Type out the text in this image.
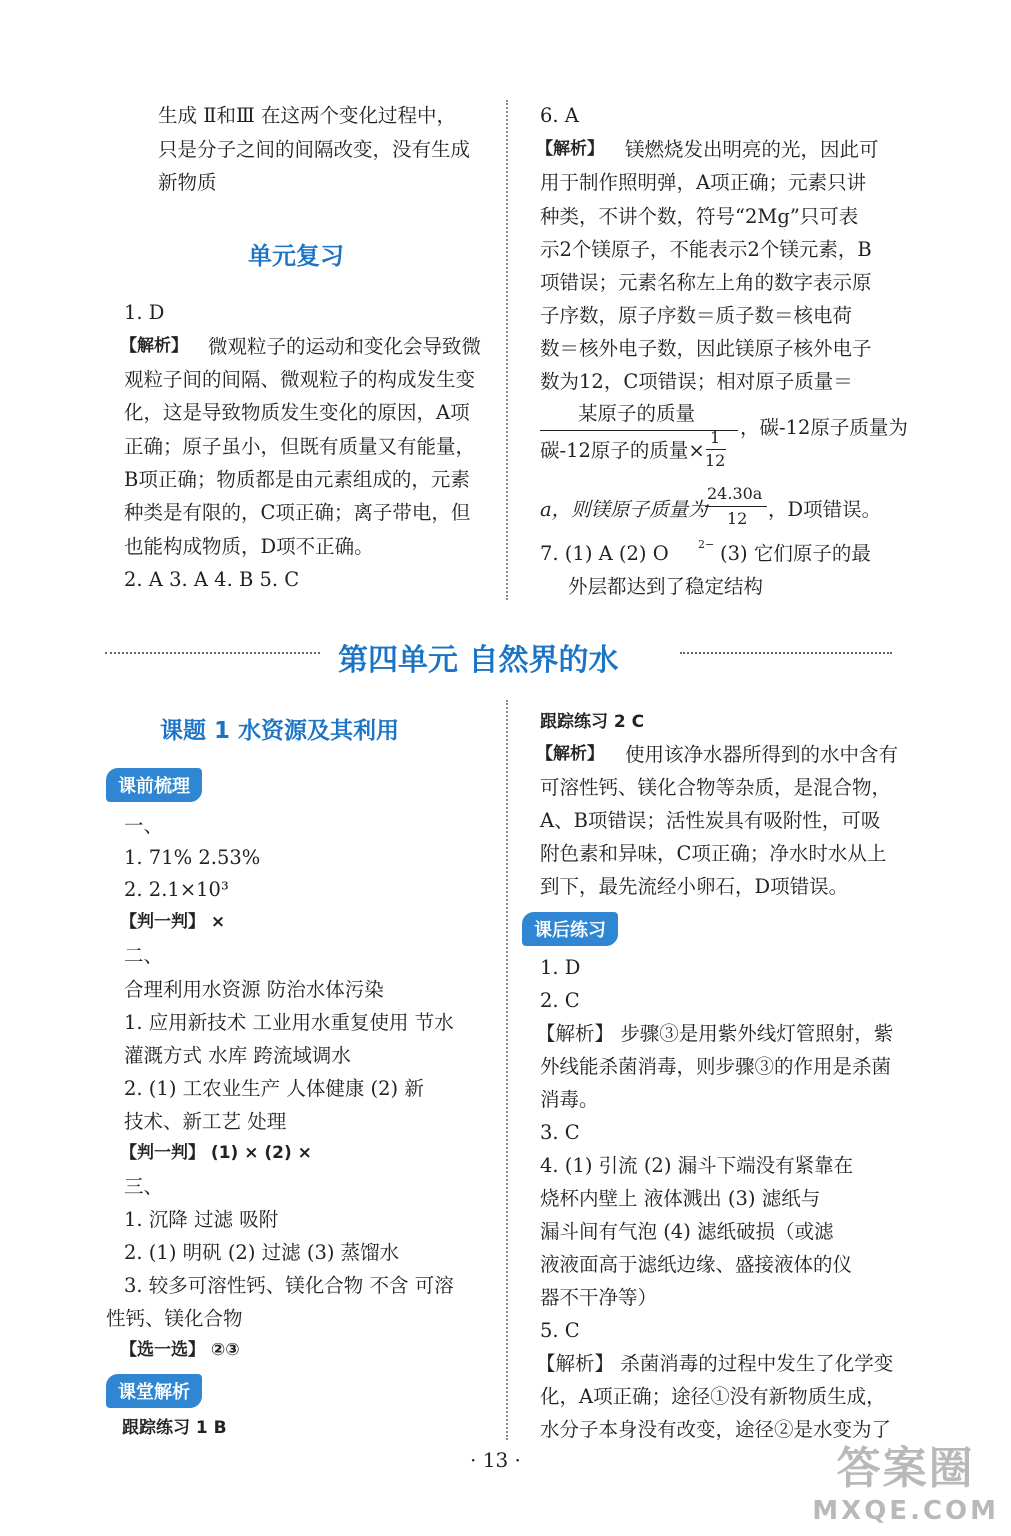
生成 Ⅱ和Ⅲ 在这两个变化过程中，
只是分子之间的间隔改变，没有生成
新物质
单元复习
1. D
【解析】 微观粒子的运动和变化会导致微
观粒子间的间隔、微观粒子的构成发生变
化，这是导致物质发生变化的原因，A项
正确；原子虽小，但既有质量又有能量，
B项正确；物质都是由元素组成的，元素
种类是有限的，C项正确；离子带电，但
也能构成物质，D项不正确。
2. A 3. A 4. B 5. C
6. A
【解析】 镁燃烧发出明亮的光，因此可
用于制作照明弹，A项正确；元素只讲
种类，不讲个数，符号“2Mg”只可表
示2个镁原子，不能表示2个镁元素，B
项错误；元素名称左上角的数字表示原
子序数，原子序数＝质子数＝核电荷
数＝核外电子数，因此镁原子核外电子
数为12，C项错误；相对原子质量＝
某原子的质量
碳-12原子的质量×
1
12
，碳-12原子质量为
a，则镁原子质量为
24.30a
12 ，D项错误。
7. (1) A (2) O	2− (3) 它们原子的最
外层都达到了稳定结构
第四单元 自然界的水
课题 1 水资源及其利用
课前梳理
一、
1. 71% 2.53%
2. 2.1×10³
【判一判】 ×
二、
合理利用水资源 防治水体污染
1. 应用新技术 工业用水重复使用 节水
灌溉方式 水库 跨流域调水
2. (1) 工农业生产 人体健康 (2) 新
技术、新工艺 处理
【判一判】 (1) × (2) ×
三、
1. 沉降 过滤 吸附
2. (1) 明矾 (2) 过滤 (3) 蒸馏水
3. 较多可溶性钙、镁化合物 不含 可溶
性钙、镁化合物
【选一选】 ②③
课堂解析
跟踪练习 1 B
跟踪练习 2 C
【解析】 使用该净水器所得到的水中含有
可溶性钙、镁化合物等杂质，是混合物，
A、B项错误；活性炭具有吸附性，可吸
附色素和异味，C项正确；净水时水从上
到下，最先流经小卵石，D项错误。
课后练习
1. D
2. C
【解析】 步骤③是用紫外线灯管照射，紫
外线能杀菌消毒，则步骤③的作用是杀菌
消毒。
3. C
4. (1) 引流 (2) 漏斗下端没有紧靠在
烧杯内壁上 液体溅出 (3) 滤纸与
漏斗间有气泡 (4) 滤纸破损（或滤
液液面高于滤纸边缘、盛接液体的仪
器不干净等）
5. C
【解析】 杀菌消毒的过程中发生了化学变
化，A项正确；途径①没有新物质生成，
水分子本身没有改变，途径②是水变为了
· 13 ·	答案圈
MXQE.COM
